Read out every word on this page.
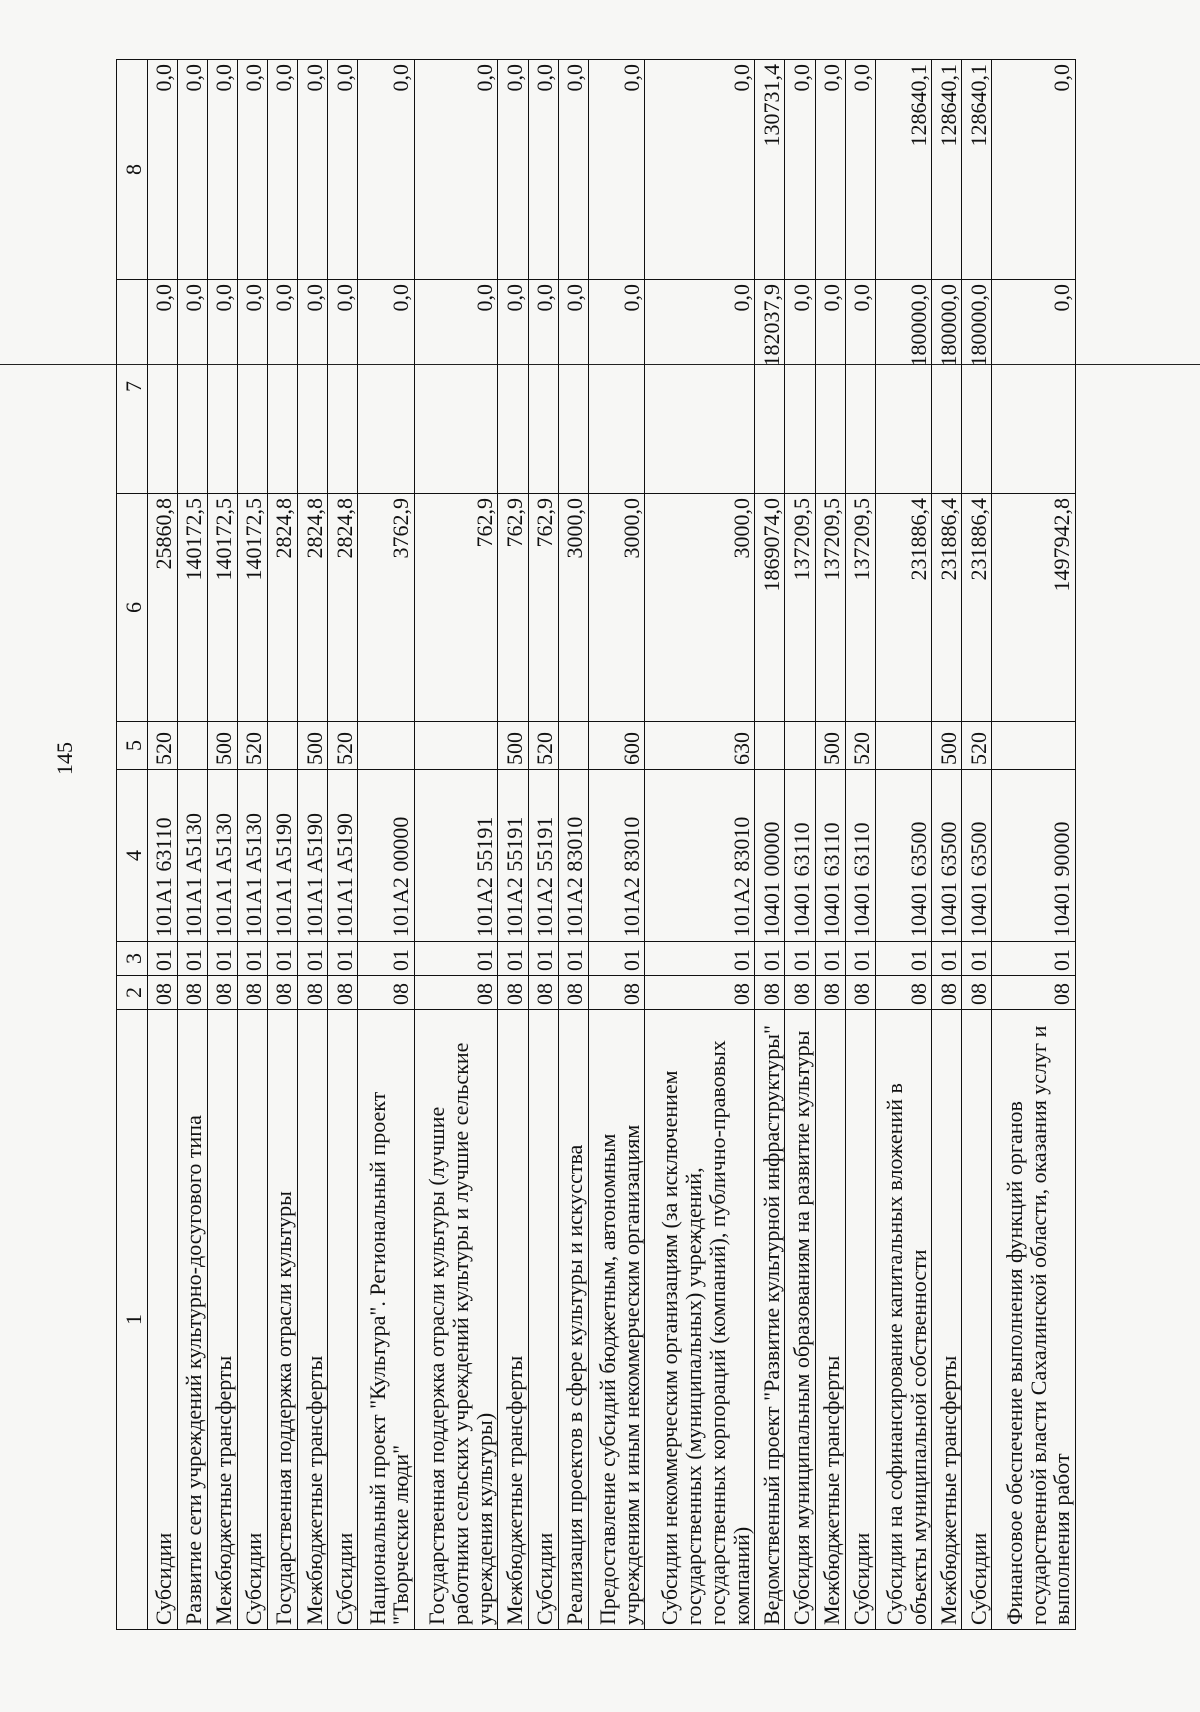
145
1	2	3	4	5	6	7	8
Субсидии	08	01	101A1 63110	520	25860,8	0,0	0,0
Развитие сети учреждений культурно-досугового типа	08	01	101A1 A5130		140172,5	0,0	0,0
Межбюджетные трансферты	08	01	101A1 A5130	500	140172,5	0,0	0,0
Субсидии	08	01	101A1 A5130	520	140172,5	0,0	0,0
Государственная поддержка отрасли культуры	08	01	101A1 A5190		2824,8	0,0	0,0
Межбюджетные трансферты	08	01	101A1 A5190	500	2824,8	0,0	0,0
Субсидии	08	01	101A1 A5190	520	2824,8	0,0	0,0
Национальный проект "Культура". Региональный проект "Творческие люди"	08	01	101A2 00000		3762,9	0,0	0,0
Государственная поддержка отрасли культуры (лучшие работники сельских учреждений культуры и лучшие сельские учреждения культуры)	08	01	101A2 55191		762,9	0,0	0,0
Межбюджетные трансферты	08	01	101A2 55191	500	762,9	0,0	0,0
Субсидии	08	01	101A2 55191	520	762,9	0,0	0,0
Реализация проектов в сфере культуры и искусства	08	01	101A2 83010		3000,0	0,0	0,0
Предоставление субсидий бюджетным, автономным учреждениям и иным некоммерческим организациям	08	01	101A2 83010	600	3000,0	0,0	0,0
Субсидии некоммерческим организациям (за исключением государственных (муниципальных) учреждений, государственных корпораций (компаний), публично-правовых компаний)	08	01	101A2 83010	630	3000,0	0,0	0,0
Ведомственный проект "Развитие культурной инфраструктуры"	08	01	10401 00000		1869074,0	182037,9	130731,4
Субсидия муниципальным образованиям на развитие культуры	08	01	10401 63110		137209,5	0,0	0,0
Межбюджетные трансферты	08	01	10401 63110	500	137209,5	0,0	0,0
Субсидии	08	01	10401 63110	520	137209,5	0,0	0,0
Субсидии на софинансирование капитальных вложений в объекты муниципальной собственности	08	01	10401 63500		231886,4	180000,0	128640,1
Межбюджетные трансферты	08	01	10401 63500	500	231886,4	180000,0	128640,1
Субсидии	08	01	10401 63500	520	231886,4	180000,0	128640,1
Финансовое обеспечение выполнения функций органов государственной власти Сахалинской области, оказания услуг и выполнения работ	08	01	10401 90000		1497942,8	0,0	0,0
